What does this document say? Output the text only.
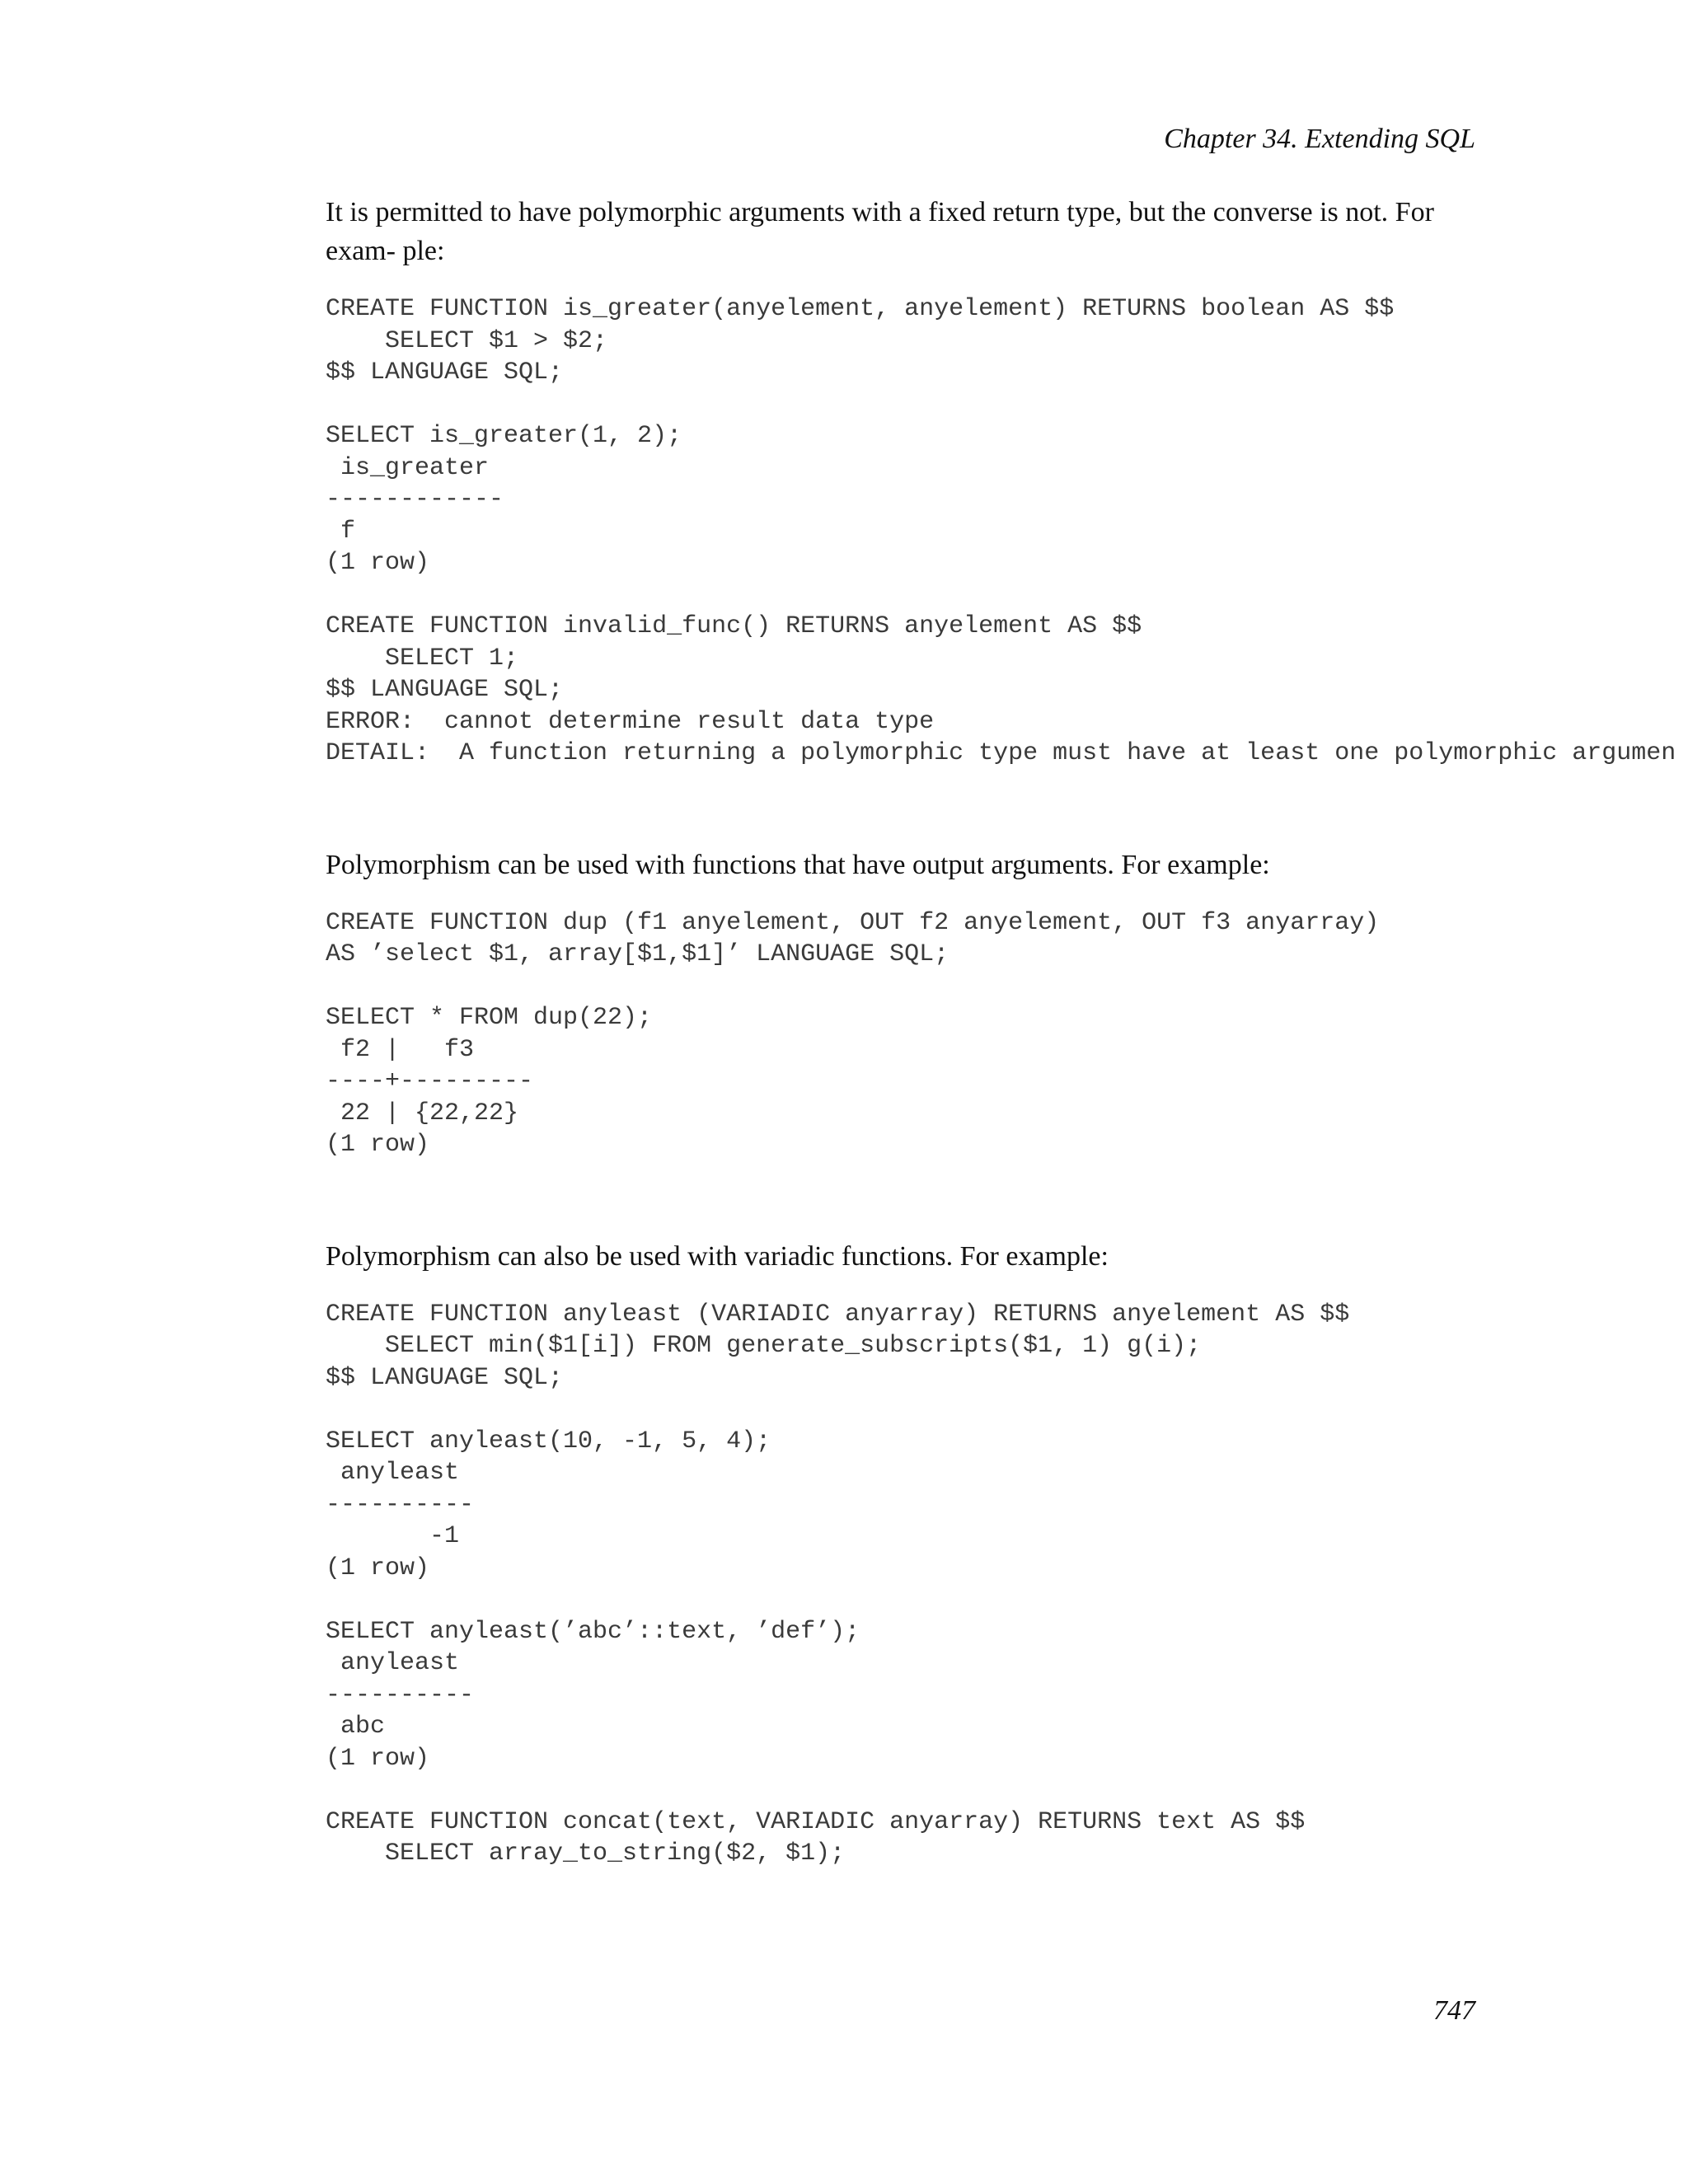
Chapter 34. Extending SQL

It is permitted to have polymorphic arguments with a fixed return type, but the converse is not. For exam- ple:

CREATE FUNCTION is_greater(anyelement, anyelement) RETURNS boolean AS $$
SELECT $1 > $2;
$$ LANGUAGE SQL;

SELECT is_greater(1, 2);
is_greater
------------
f
(1 row)

CREATE FUNCTION invalid_func() RETURNS anyelement AS $$
SELECT 1;
$$ LANGUAGE SQL;
ERROR:  cannot determine result data type
DETAIL:  A function returning a polymorphic type must have at least one polymorphic argumen

Polymorphism can be used with functions that have output arguments. For example:

CREATE FUNCTION dup (f1 anyelement, OUT f2 anyelement, OUT f3 anyarray)
AS ’select $1, array[$1,$1]’ LANGUAGE SQL;

SELECT * FROM dup(22);
f2 |   f3
----+---------
22 | {22,22}
(1 row)

Polymorphism can also be used with variadic functions. For example:

CREATE FUNCTION anyleast (VARIADIC anyarray) RETURNS anyelement AS $$
SELECT min($1[i]) FROM generate_subscripts($1, 1) g(i);
$$ LANGUAGE SQL;

SELECT anyleast(10, -1, 5, 4);
anyleast
----------
-1
(1 row)

SELECT anyleast(’abc’::text, ’def’);
anyleast
----------
abc
(1 row)

CREATE FUNCTION concat(text, VARIADIC anyarray) RETURNS text AS $$
SELECT array_to_string($2, $1);
747
